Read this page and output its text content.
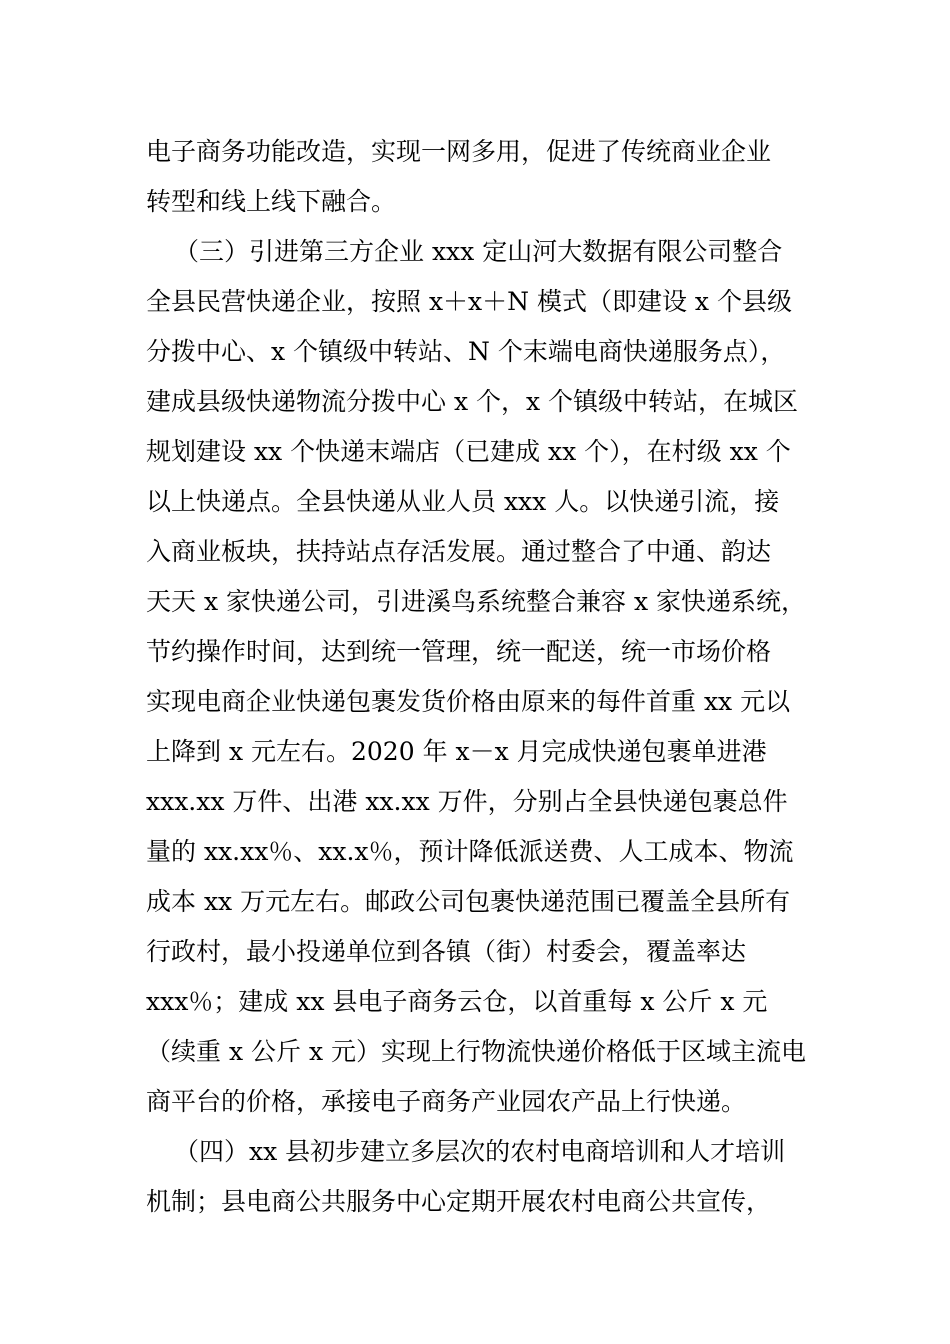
电子商务功能改造，实现一网多用，促进了传统商业企业
转型和线上线下融合。
（三）引进第三方企业 xxx 定山河大数据有限公司整合
全县民营快递企业，按照 x＋x＋N 模式（即建设 x 个县级
分拨中心、x 个镇级中转站、N 个末端电商快递服务点），
建成县级快递物流分拨中心 x 个，x 个镇级中转站，在城区
规划建设 xx 个快递末端店（已建成 xx 个），在村级 xx 个
以上快递点。全县快递从业人员 xxx 人。以快递引流，接
入商业板块，扶持站点存活发展。通过整合了中通、韵达
天天 x 家快递公司，引进溪鸟系统整合兼容 x 家快递系统，
节约操作时间，达到统一管理，统一配送，统一市场价格
实现电商企业快递包裹发货价格由原来的每件首重 xx 元以
上降到 x 元左右。2020 年 x－x 月完成快递包裹单进港
xxx.xx 万件、出港 xx.xx 万件，分别占全县快递包裹总件
量的 xx.xx％、xx.x％，预计降低派送费、人工成本、物流
成本 xx 万元左右。邮政公司包裹快递范围已覆盖全县所有
行政村，最小投递单位到各镇（街）村委会，覆盖率达
xxx％；建成 xx 县电子商务云仓，以首重每 x 公斤 x 元
（续重 x 公斤 x 元）实现上行物流快递价格低于区域主流电
商平台的价格，承接电子商务产业园农产品上行快递。
（四）xx 县初步建立多层次的农村电商培训和人才培训
机制；县电商公共服务中心定期开展农村电商公共宣传，
